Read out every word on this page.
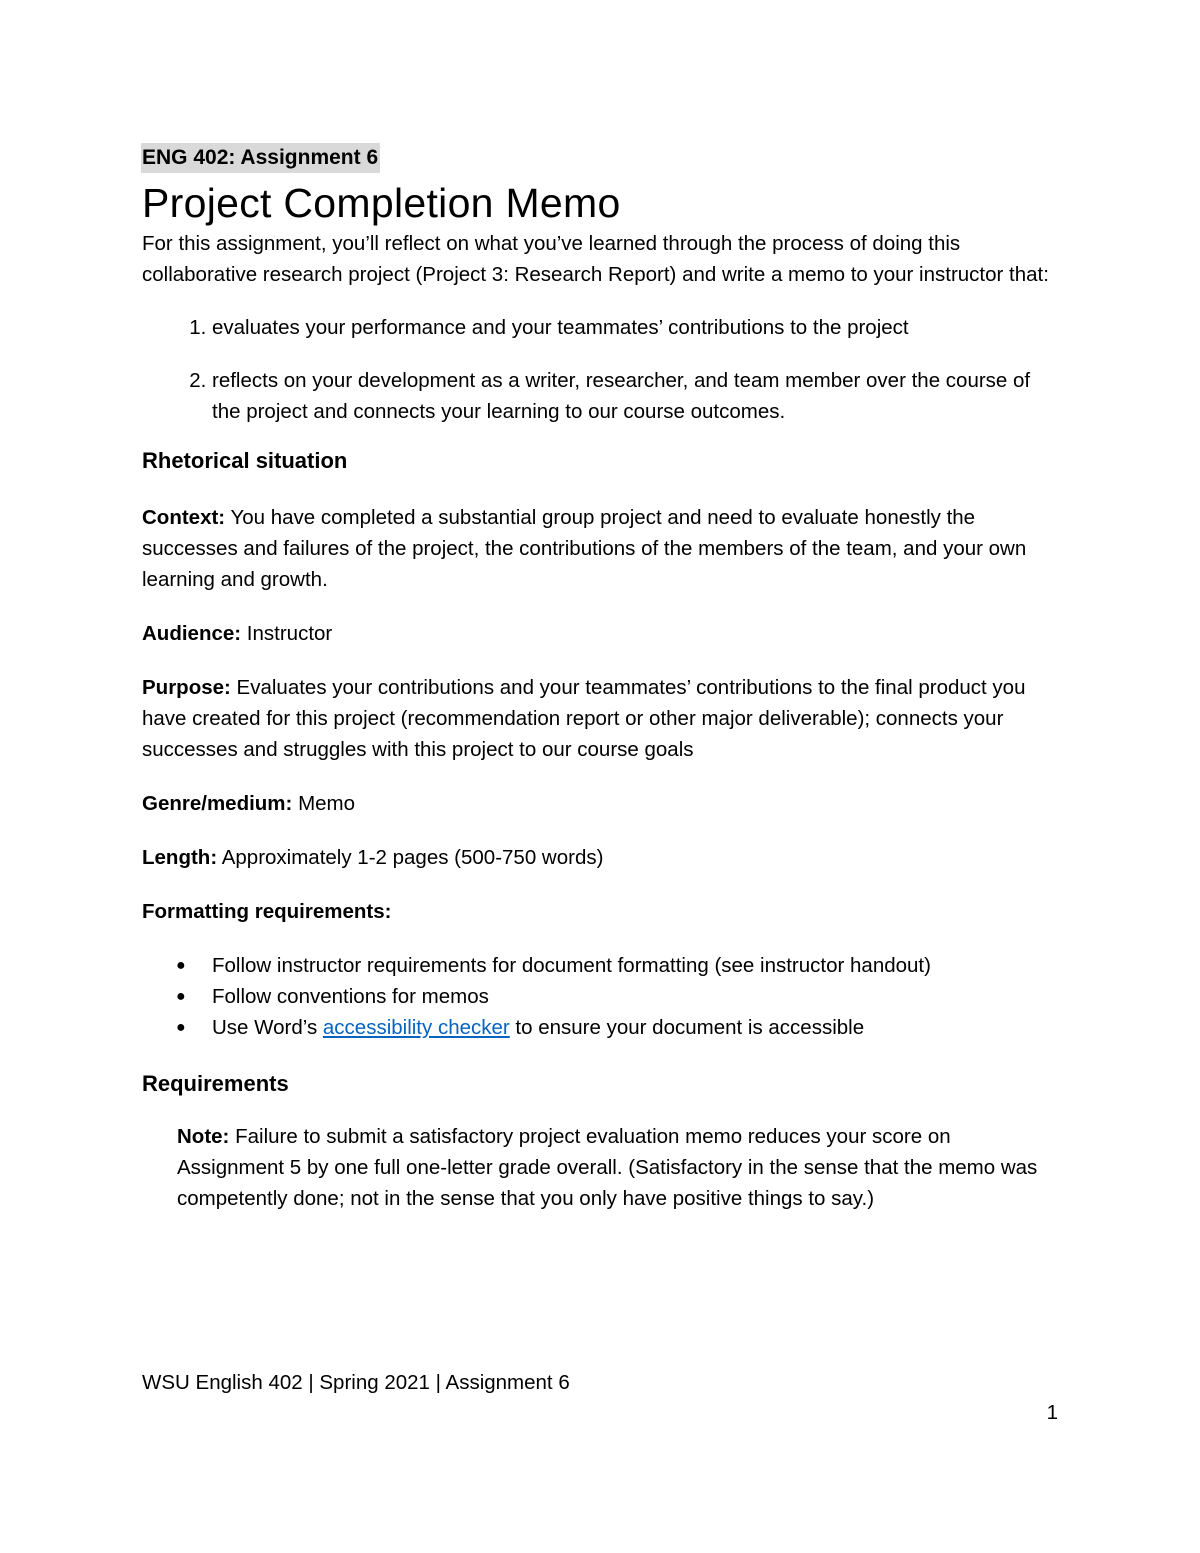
ENG 402: Assignment 6
Project Completion Memo

For this assignment, you’ll reflect on what you’ve learned through the process of doing this collaborative research project (Project 3: Research Report) and write a memo to your instructor that:

1. evaluates your performance and your teammates’ contributions to the project
2. reflects on your development as a writer, researcher, and team member over the course of the project and connects your learning to our course outcomes.
Rhetorical situation

Context: You have completed a substantial group project and need to evaluate honestly the successes and failures of the project, the contributions of the members of the team, and your own learning and growth.

Audience: Instructor

Purpose: Evaluates your contributions and your teammates’ contributions to the final product you have created for this project (recommendation report or other major deliverable); connects your successes and struggles with this project to our course goals

Genre/medium: Memo

Length: Approximately 1-2 pages (500-750 words)

Formatting requirements:

● Follow instructor requirements for document formatting (see instructor handout)
● Follow conventions for memos
● Use Word’s accessibility checker to ensure your document is accessible
Requirements

Note: Failure to submit a satisfactory project evaluation memo reduces your score on Assignment 5 by one full one-letter grade overall. (Satisfactory in the sense that the memo was competently done; not in the sense that you only have positive things to say.)

WSU English 402 | Spring 2021 | Assignment 6
1
